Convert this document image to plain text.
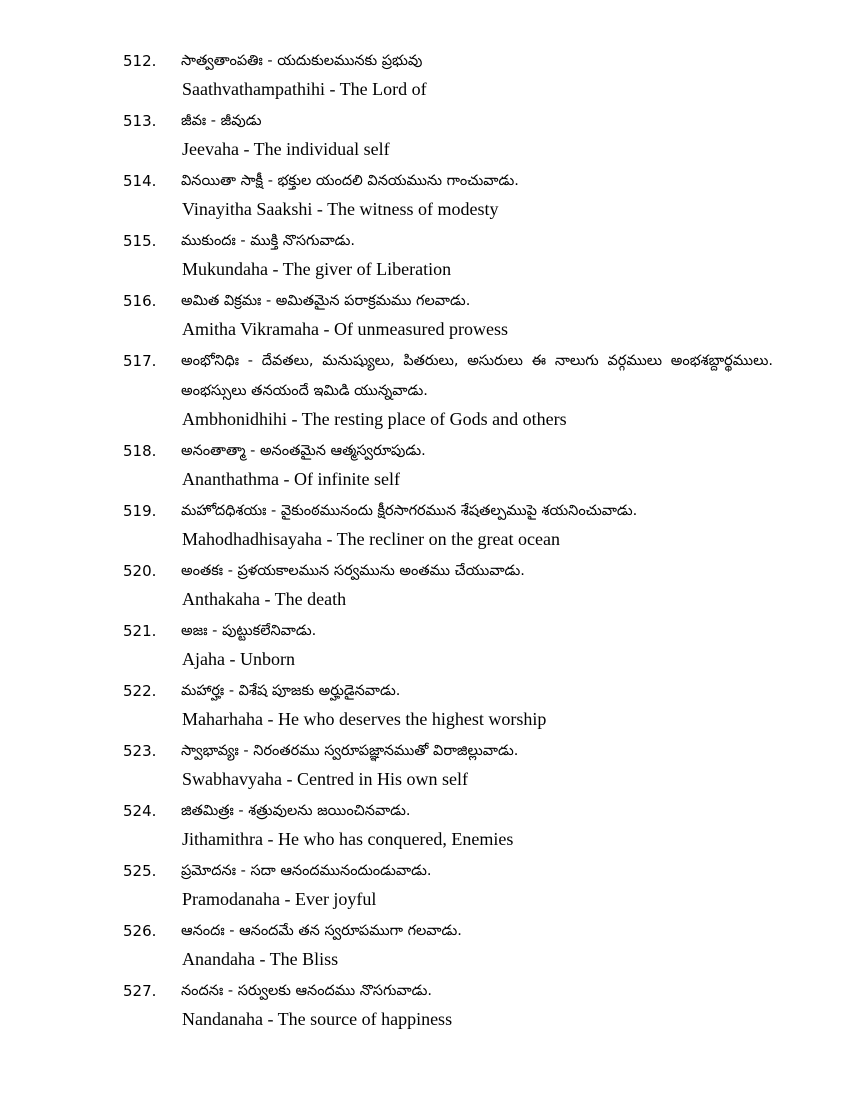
512. సాత్వతాంపతిః - యదుకులమునకు ప్రభువు
Saathvathampathihi - The Lord of
513. జీవః - జీవుడు
Jeevaha - The individual self
514. వినయితా సాక్షీ - భక్తుల యందలి వినయమును గాంచువాడు.
Vinayitha Saakshi - The witness of modesty
515. ముకుందః - ముక్తి నొసగువాడు.
Mukundaha - The giver of Liberation
516. అమిత విక్రమః - అమితమైన పరాక్రమము గలవాడు.
Amitha Vikramaha - Of unmeasured prowess
517. అంభోనిధిః - దేవతలు, మనుష్యులు, పితరులు, అసురులు ఈ నాలుగు వర్గములు అంభశబ్దార్థములు. అంభస్సులు తనయందే ఇమిడి యున్నవాడు.
Ambhonidhihi - The resting place of Gods and others
518. అనంతాత్మా - అనంతమైన ఆత్మస్వరూపుడు.
Ananthathma - Of infinite self
519. మహోదధిశయః - వైకుంఠమునందు క్షీరసాగరమున శేషతల్పముపై శయనించువాడు.
Mahodhadhisayaha - The recliner on the great ocean
520. అంతకః - ప్రళయకాలమున సర్వమును అంతము చేయువాడు.
Anthakaha - The death
521. అజః - పుట్టుకలేనివాడు.
Ajaha - Unborn
522. మహార్హః - విశేష పూజకు అర్హుడైనవాడు.
Maharhaha - He who deserves the highest worship
523. స్వాభావ్యః - నిరంతరము స్వరూపజ్ఞానముతో విరాజిల్లువాడు.
Swabhavyaha - Centred in His own self
524. జితమిత్రః - శత్రువులను జయించినవాడు.
Jithamithra - He who has conquered, Enemies
525. ప్రమోదనః - సదా ఆనందమునందుండువాడు.
Pramodanaha - Ever joyful
526. ఆనందః - ఆనందమే తన స్వరూపముగా గలవాడు.
Anandaha - The Bliss
527. నందనః - సర్వులకు ఆనందము నొసగువాడు.
Nandanaha - The source of happiness
